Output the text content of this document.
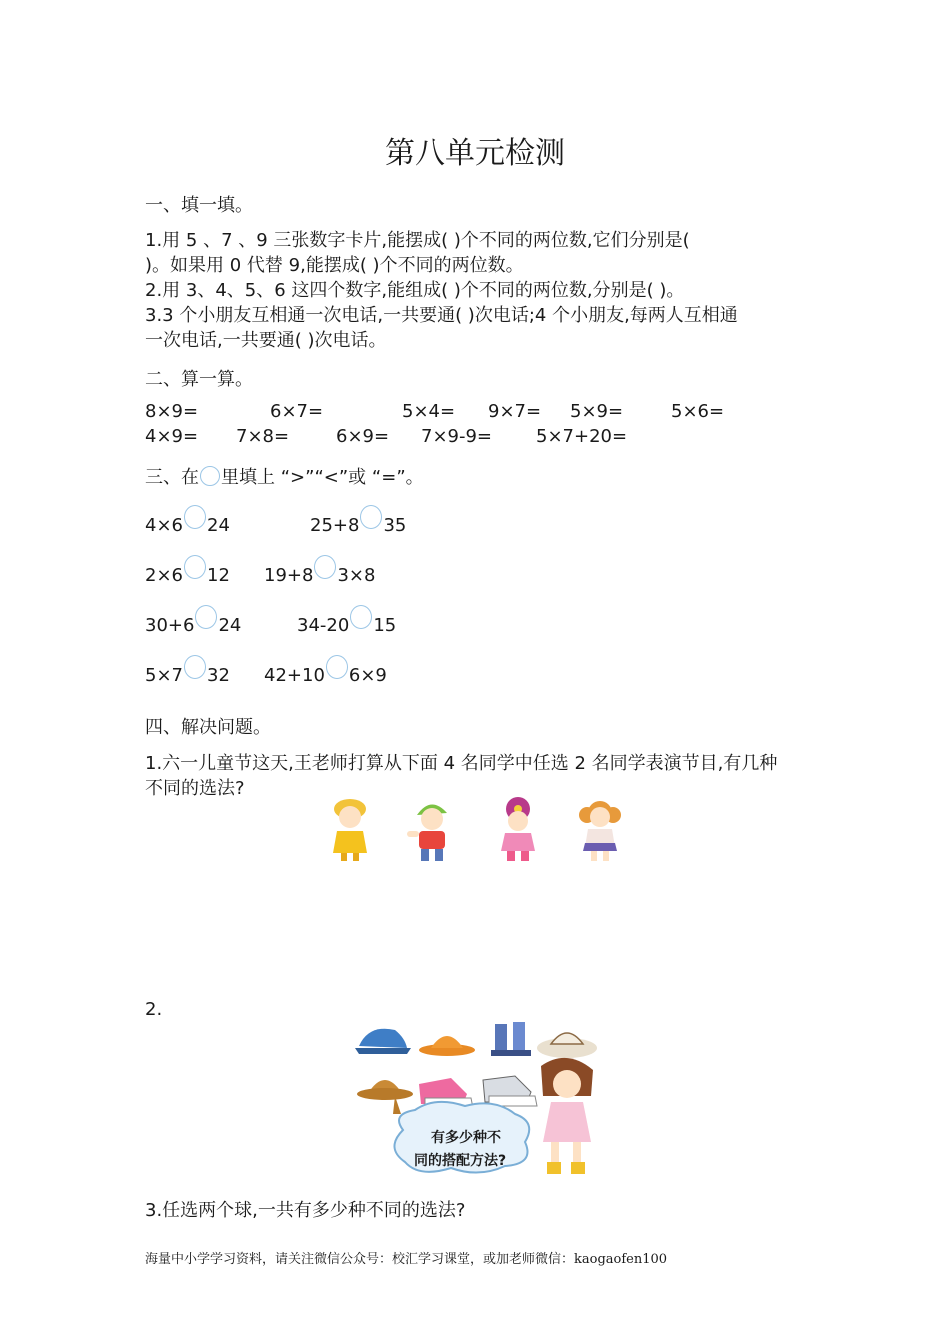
第八单元检测
一、填一填。
1.用 5 、7 、9 三张数字卡片,能摆成( )个不同的两位数,它们分别是(
)。如果用 0 代替 9,能摆成( )个不同的两位数。
2.用 3、4、5、6 这四个数字,能组成( )个不同的两位数,分别是( )。
3.3 个小朋友互相通一次电话,一共要通( )次电话;4 个小朋友,每两人互相通
一次电话,一共要通( )次电话。
二、算一算。
8×9=	6×7=	5×4= 9×7= 5×9=	5×6=
4×9= 7×8=	6×9= 7×9-9= 5×7+20=
三、在 里填上 “>”“<”或 “=”。
4×6 24	25+8 35
2×6 12 19+8 3×8
30+6 24	34-20 15
5×7 32 42+10 6×9
四、解决问题。
1.六一儿童节这天,王老师打算从下面 4 名同学中任选 2 名同学表演节目,有几种
不同的选法?
2.
有多少种不
同的搭配方法?
3.任选两个球,一共有多少种不同的选法?
海量中小学学习资料，请关注微信公众号：校汇学习课堂，或加老师微信：kaogaofen100
